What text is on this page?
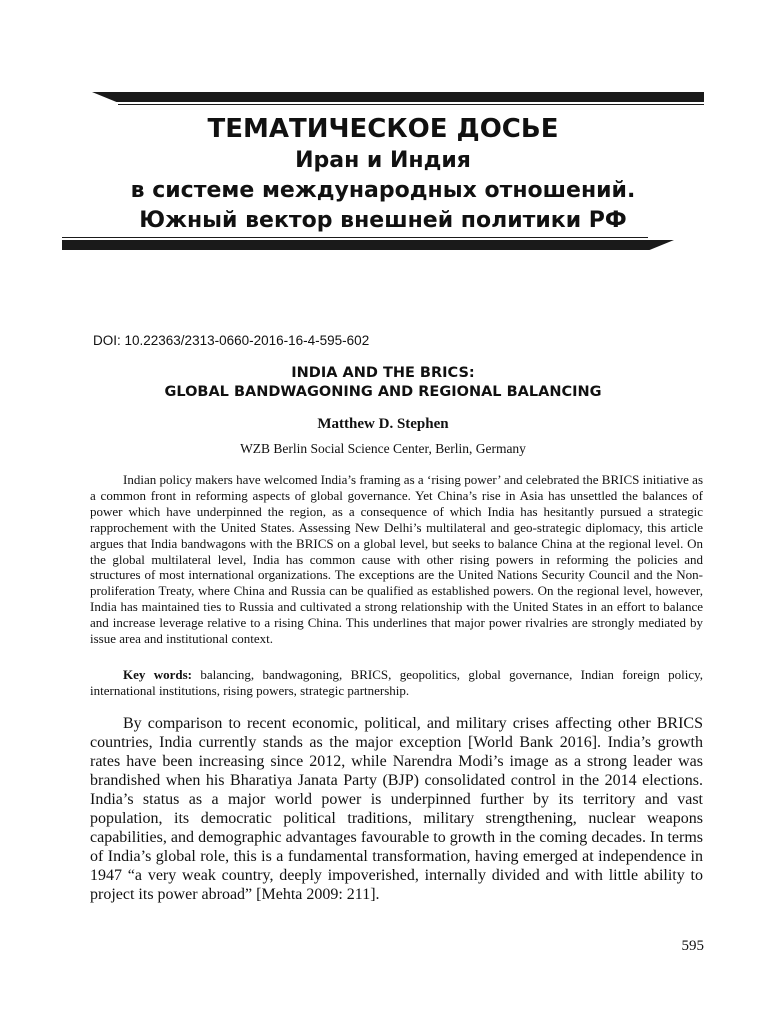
ТЕМАТИЧЕСКОЕ ДОСЬЕ
Иран и Индия
в системе международных отношений.
Южный вектор внешней политики РФ
DOI: 10.22363/2313-0660-2016-16-4-595-602
INDIA AND THE BRICS:
GLOBAL BANDWAGONING AND REGIONAL BALANCING
Matthew D. Stephen
WZB Berlin Social Science Center, Berlin, Germany

Indian policy makers have welcomed India’s framing as a ‘rising power’ and celebrated the BRICS initiative as a common front in reforming aspects of global governance. Yet China’s rise in Asia has unsettled the balances of power which have underpinned the region, as a consequence of which India has hesitantly pursued a strategic rapprochement with the United States. Assessing New Delhi’s multilateral and geo-strategic diplomacy, this article argues that India bandwagons with the BRICS on a global level, but seeks to balance China at the regional level. On the global multilateral level, India has common cause with other rising powers in reforming the policies and structures of most international organizations. The exceptions are the United Nations Security Council and the Non-proliferation Treaty, where China and Russia can be qualified as established powers. On the regional level, however, India has maintained ties to Russia and cultivated a strong relationship with the United States in an effort to balance and increase leverage relative to a rising China. This underlines that major power rivalries are strongly mediated by issue area and institutional context.

Key words: balancing, bandwagoning, BRICS, geopolitics, global governance, Indian foreign policy, international institutions, rising powers, strategic partnership.

By comparison to recent economic, political, and military crises affecting other BRICS countries, India currently stands as the major exception [World Bank 2016]. India’s growth rates have been increasing since 2012, while Narendra Modi’s image as a strong leader was brandished when his Bharatiya Janata Party (BJP) consolidated control in the 2014 elections. India’s status as a major world power is underpinned further by its territory and vast population, its democratic political traditions, military strengthening, nuclear weapons capabilities, and demographic advantages favourable to growth in the coming decades. In terms of India’s global role, this is a fundamental transformation, having emerged at independence in 1947 “a very weak country, deeply impoverished, internally divided and with little ability to project its power abroad” [Mehta 2009: 211].

595
